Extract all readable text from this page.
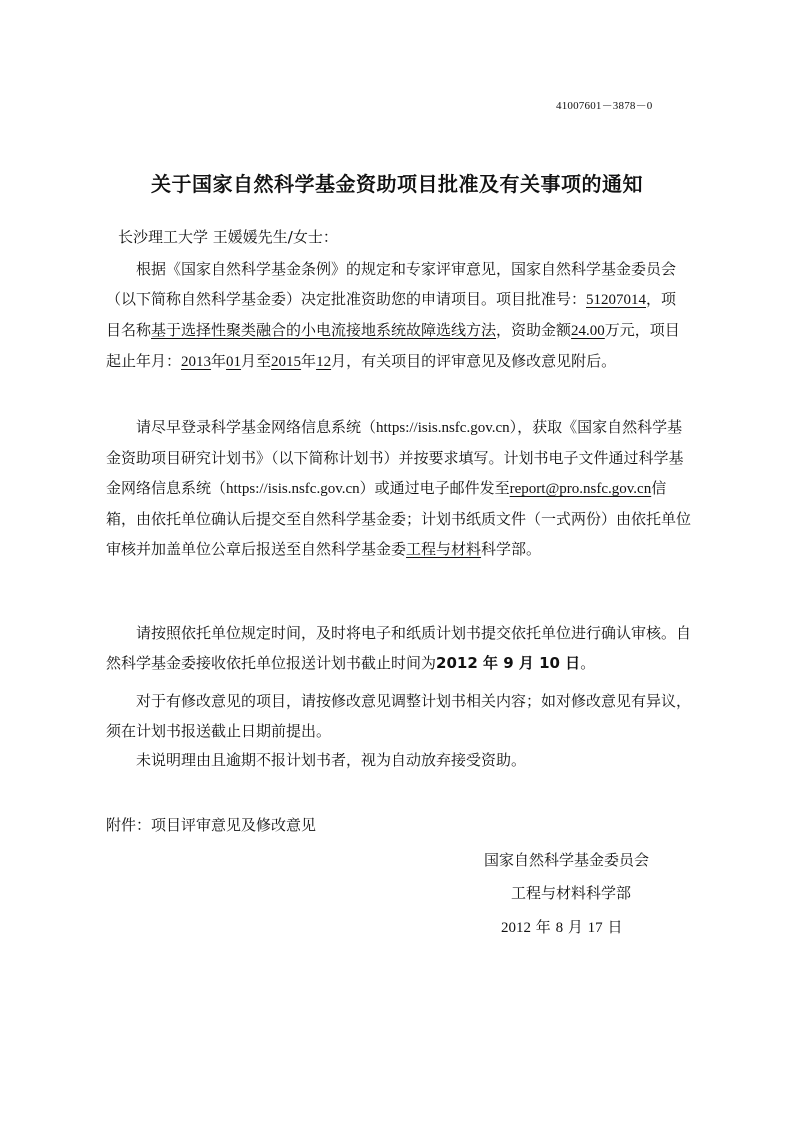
41007601－3878－0
关于国家自然科学基金资助项目批准及有关事项的通知
长沙理工大学 王媛媛先生/女士：

根据《国家自然科学基金条例》的规定和专家评审意见，国家自然科学基金委员会（以下简称自然科学基金委）决定批准资助您的申请项目。项目批准号：51207014，项目名称基于选择性聚类融合的小电流接地系统故障选线方法，资助金额24.00万元，项目起止年月：2013年01月至2015年12月，有关项目的评审意见及修改意见附后。

请尽早登录科学基金网络信息系统（https://isis.nsfc.gov.cn），获取《国家自然科学基金资助项目研究计划书》（以下简称计划书）并按要求填写。计划书电子文件通过科学基金网络信息系统（https://isis.nsfc.gov.cn）或通过电子邮件发至report@pro.nsfc.gov.cn信箱，由依托单位确认后提交至自然科学基金委；计划书纸质文件（一式两份）由依托单位审核并加盖单位公章后报送至自然科学基金委工程与材料科学部。

请按照依托单位规定时间，及时将电子和纸质计划书提交依托单位进行确认审核。自然科学基金委接收依托单位报送计划书截止时间为2012 年 9 月 10 日。

对于有修改意见的项目，请按修改意见调整计划书相关内容；如对修改意见有异议，须在计划书报送截止日期前提出。

未说明理由且逾期不报计划书者，视为自动放弃接受资助。

附件：项目评审意见及修改意见
国家自然科学基金委员会
工程与材料科学部
2012 年 8 月 17 日
